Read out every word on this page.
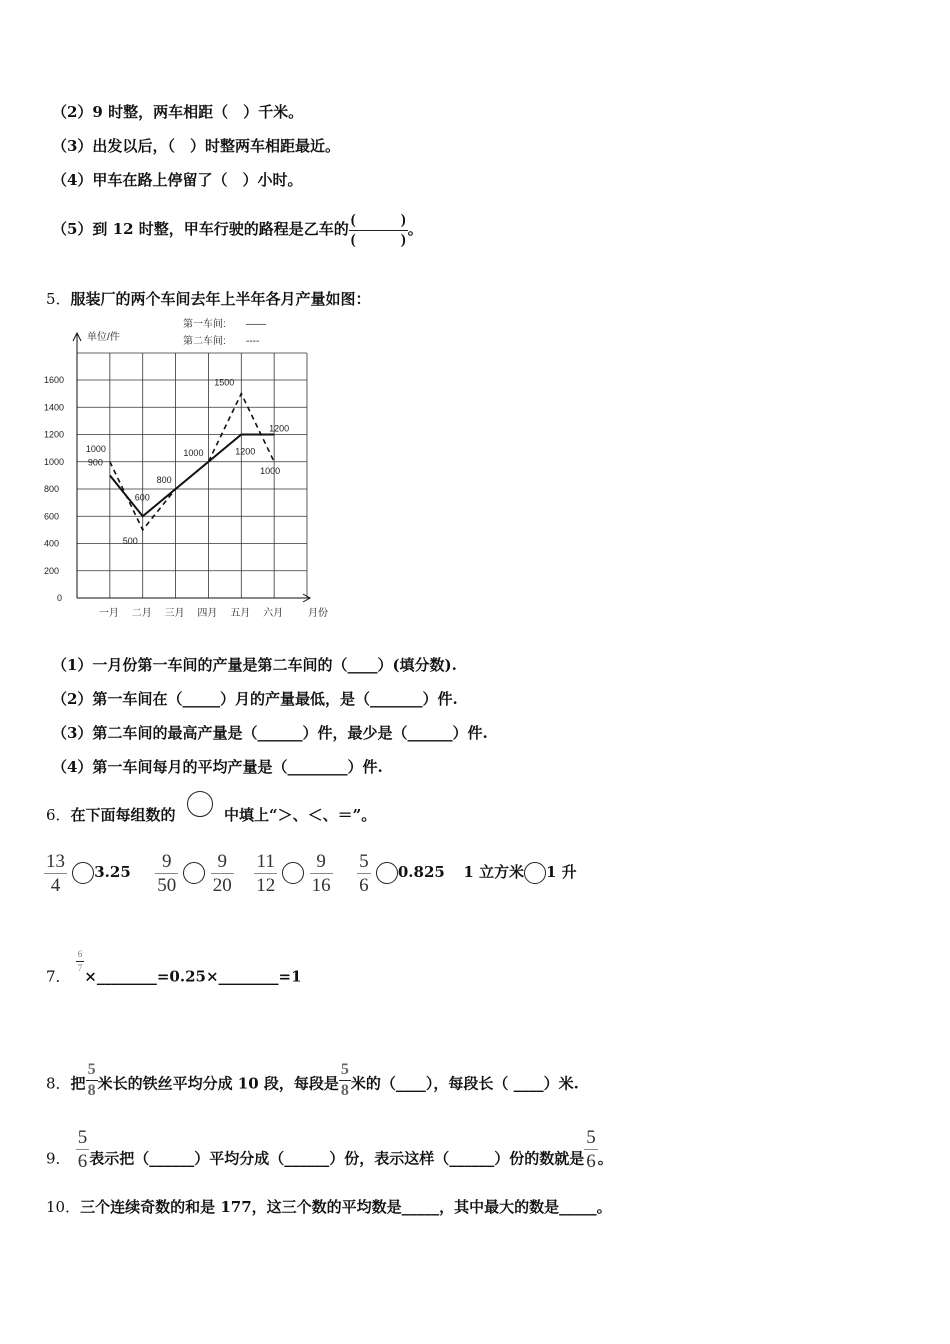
（2）9 时整，两车相距（　）千米。
（3）出发以后，（　）时整两车相距最近。
（4）甲车在路上停留了（　）小时。
（5）到 12 时整，甲车行驶的路程是乙车的 $\frac{( )}{( )}$ 。
5．服装厂的两个车间去年上半年各月产量如图：
0
200
400
600
800
1000
1200
1400
1600
一月 二月 三月 四月 五月 六月
900
600
800
1000	1200
1200
1000
500
1500
1000
单位/件
月份
第一车间: ——
第二车间: ----
（1）一月份第一车间的产量是第二车间的（____）(填分数).
（2）第一车间在（_____）月的产量最低，是（_______）件.
（3）第二车间的最高产量是（______）件，最少是（______）件.
（4）第一车间每月的平均产量是（________）件.
6．在下面每组数的	中填上“＞、＜、＝”。
$\frac{13}{4} 3.25 \frac{9}{50}$
$\frac{9}{20}$
$\frac{11}{12}$
$\frac{9}{16}$
$\frac{5}{6} 0.825$ 1 立方米 1 升
7．
$\frac{6}{7}$
×________=0.25×________=1
8．把 $\frac{5}{8}$ 米长的铁丝平均分成 10 段，每段是 $\frac{5}{8}$ 米的（____），每段长（ ____）米.
9． $\frac{5}{6}$ 表示把（______）平均分成（______）份，表示这样（______）份的数就是 $\frac{5}{6}$ 。
10．三个连续奇数的和是 177，这三个数的平均数是_____，其中最大的数是_____。
